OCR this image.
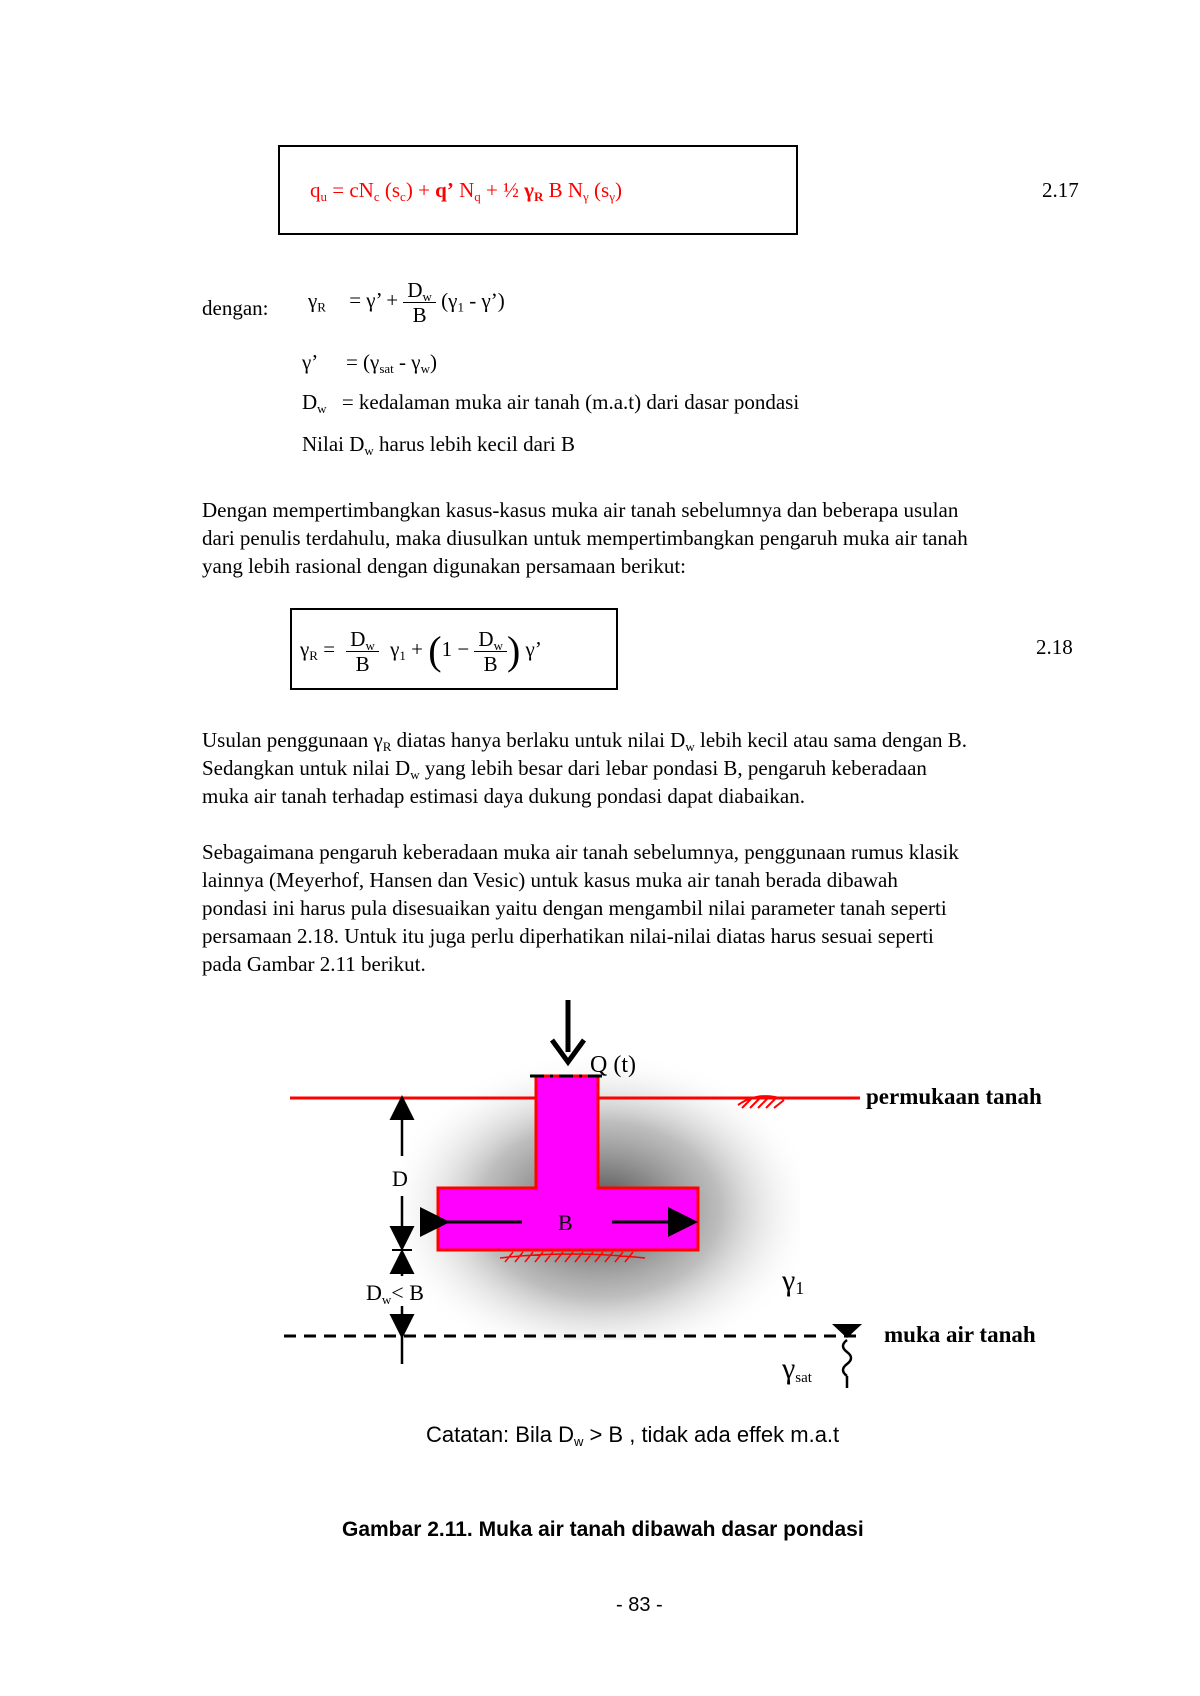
$q_u = cN_c$ $(s_c) + q$’ $N_q$ + ½ $\gamma_R$ B $N_\gamma$ $(s_\gamma)$	2.17
dengan: $\gamma_R = \gamma$’ + $\frac{D_w}{B} (\gamma_1$ - γ’)
γ’ = $(\gamma_{sat} - \gamma_w)$
$D_w$ = kedalaman muka air tanah (m.a.t) dari dasar pondasi
Nilai $D_w$ harus lebih kecil dari B
Dengan mempertimbangkan kasus-kasus muka air tanah sebelumnya dan beberapa usulan
dari penulis terdahulu, maka diusulkan untuk mempertimbangkan pengaruh muka air tanah
yang lebih rasional dengan digunakan persamaan berikut:
$\gamma_R = \frac{D_w}{B} \gamma_1 + (1 - \frac{D_w}{B}$ ) γ’	2.18
Usulan penggunaan $\gamma_R$ diatas hanya berlaku untuk nilai $D_w$ lebih kecil atau sama dengan B.
Sedangkan untuk nilai $D_w$ yang lebih besar dari lebar pondasi B, pengaruh keberadaan
muka air tanah terhadap estimasi daya dukung pondasi dapat diabaikan.
Sebagaimana pengaruh keberadaan muka air tanah sebelumnya, penggunaan rumus klasik
lainnya (Meyerhof, Hansen dan Vesic) untuk kasus muka air tanah berada dibawah
pondasi ini harus pula disesuaikan yaitu dengan mengambil nilai parameter tanah seperti
persamaan 2.18. Untuk itu juga perlu diperhatikan nilai-nilai diatas harus sesuai seperti
pada Gambar 2.11 berikut.
Q (t)
permukaan tanah
D
B
$D_w< B$	$\gamma_1$
muka air tanah
$\gamma_{sat}$
Catatan: Bila $D_w > B$ , tidak ada effek m.a.t
Gambar 2.11. Muka air tanah dibawah dasar pondasi
- 83 -
